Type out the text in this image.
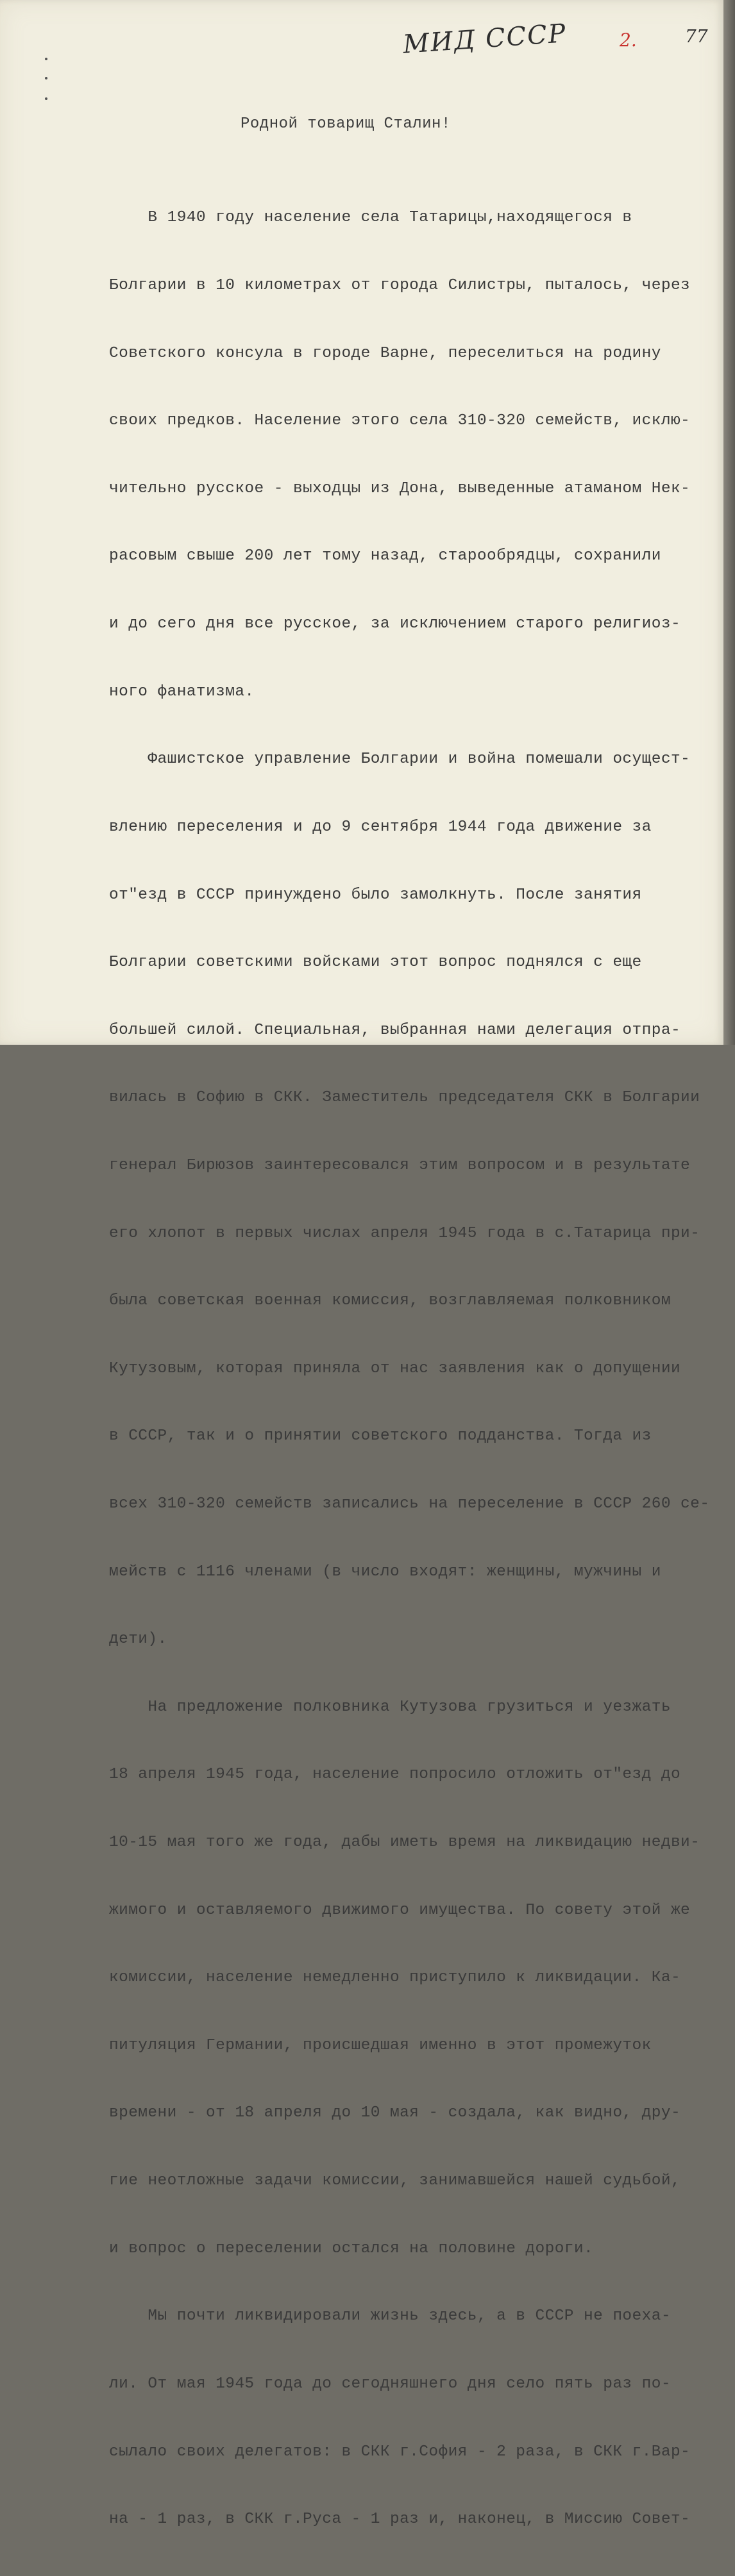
МИД СССР	2.	77

Родной товарищ Сталин!

В 1940 году население села Татарицы,находящегося в

Болгарии в 10 километрах от города Силистры, пыталось, через

Советского консула в городе Варне, переселиться на родину

своих предков. Население этого села 310-320 семейств, исклю-

чительно русское - выходцы из Дона, выведенные атаманом Нек-

расовым свыше 200 лет тому назад, старообрядцы, сохранили

и до сего дня все русское, за исключением старого религиоз-

ного фанатизма.

Фашистское управление Болгарии и война помешали осущест-

влению переселения и до 9 сентября 1944 года движение за

от"езд в СССР принуждено было замолкнуть. После занятия

Болгарии советскими войсками этот вопрос поднялся с еще

большей силой. Специальная, выбранная нами делегация отпра-

вилась в Софию в СКК. Заместитель председателя СКК в Болгарии

генерал Бирюзов заинтересовался этим вопросом и в результате

его хлопот в первых числах апреля 1945 года в с.Татарица при-

была советская военная комиссия, возглавляемая полковником

Кутузовым, которая приняла от нас заявления как о допущении

в СССР, так и о принятии советского подданства. Тогда из

всех 310-320 семейств записались на переселение в СССР 260 се-

мейств с 1116 членами (в число входят: женщины, мужчины и

дети).

На предложение полковника Кутузова грузиться и уезжать

18 апреля 1945 года, население попросило отложить от"езд до

10-15 мая того же года, дабы иметь время на ликвидацию недви-

жимого и оставляемого движимого имущества. По совету этой же

комиссии, население немедленно приступило к ликвидации. Ка-

питуляция Германии, происшедшая именно в этот промежуток

времени - от 18 апреля до 10 мая - создала, как видно, дру-

гие неотложные задачи комиссии, занимавшейся нашей судьбой,

и вопрос о переселении остался на половине дороги.

Мы почти ликвидировали жизнь здесь, а в СССР не поеха-

ли. От мая 1945 года до сегодняшнего дня село пять раз по-

сылало своих делегатов: в СКК г.София - 2 раза, в СКК г.Вар-

на - 1 раз, в СКК г.Руса - 1 раз и, наконец, в Миссию Совет-
